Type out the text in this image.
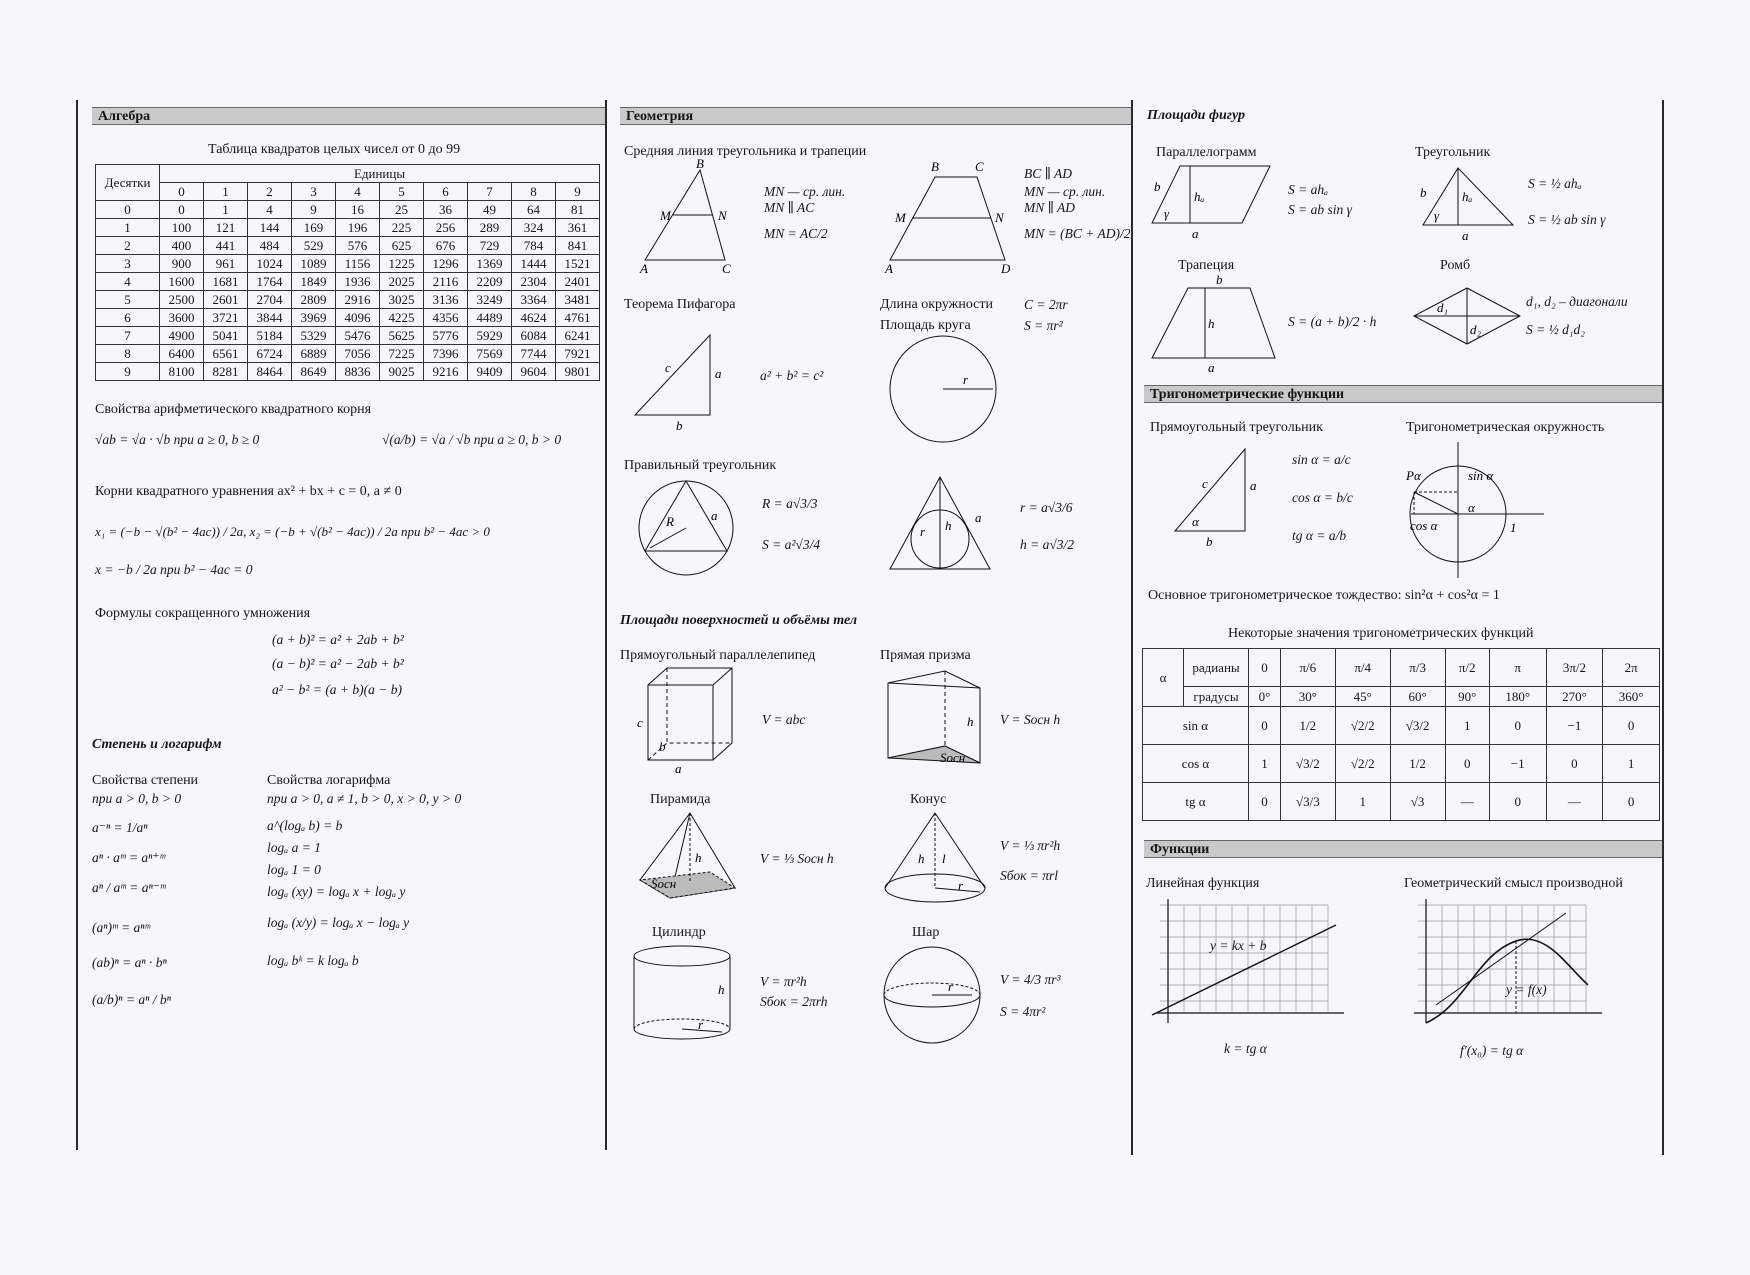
Алгебра
Таблица квадратов целых чисел от 0 до 99
Десятки	Единицы									
	0	1	2	3	4	5	6	7	8	9
0	0	1	4	9	16	25	36	49	64	81
1	100	121	144	169	196	225	256	289	324	361
2	400	441	484	529	576	625	676	729	784	841
3	900	961	1024	1089	1156	1225	1296	1369	1444	1521
4	1600	1681	1764	1849	1936	2025	2116	2209	2304	2401
5	2500	2601	2704	2809	2916	3025	3136	3249	3364	3481
6	3600	3721	3844	3969	4096	4225	4356	4489	4624	4761
7	4900	5041	5184	5329	5476	5625	5776	5929	6084	6241
8	6400	6561	6724	6889	7056	7225	7396	7569	7744	7921
9	8100	8281	8464	8649	8836	9025	9216	9409	9604	9801
Свойства арифметического квадратного корня
√ab = √a · √b при a ≥ 0, b ≥ 0	√(a/b) = √a / √b при a ≥ 0, b > 0
Корни квадратного уравнения ax² + bx + c = 0, a ≠ 0
x₁ = (−b − √(b² − 4ac)) / 2a, x₂ = (−b + √(b² − 4ac)) / 2a при b² − 4ac > 0
x = −b / 2a при b² − 4ac = 0
Формулы сокращенного умножения
(a + b)² = a² + 2ab + b²
(a − b)² = a² − 2ab + b²
a² − b² = (a + b)(a − b)
Степень и логарифм
Свойства степени
при a > 0, b > 0
a⁻ⁿ = 1/aⁿ
aⁿ · aᵐ = aⁿ⁺ᵐ
aⁿ / aᵐ = aⁿ⁻ᵐ
(aⁿ)ᵐ = aⁿᵐ
(ab)ⁿ = aⁿ · bⁿ
(a/b)ⁿ = aⁿ / bⁿ
Свойства логарифма
при a > 0, a ≠ 1, b > 0, x > 0, y > 0
a^(logₐ b) = b
logₐ a = 1
logₐ 1 = 0
logₐ (xy) = logₐ x + logₐ y
logₐ (x/y) = logₐ x − logₐ y
logₐ bᵏ = k logₐ b
Геометрия
Средняя линия треугольника и трапеции
B
A	C
M	N
MN — ср. лин.
MN ∥ AC
MN = AC/2
B	C
A	D
M	N
BC ∥ AD
MN — ср. лин.
MN ∥ AD
MN = (BC + AD)/2
Теорема Пифагора
c	a
b
a² + b² = c²
Длина окружности
Площадь круга
C = 2πr
S = πr²
r
Правильный треугольник
R	a
R = a√3/3
S = a²√3/4
h
r
a
r = a√3/6
h = a√3/2
Площади поверхностей и объёмы тел
Прямоугольный параллелепипед
c
b
a
V = abc
Прямая призма
h
Sосн
V = Sосн h
Пирамида
h
Sосн
V = ⅓ Sосн h
Конус
h l
r
V = ⅓ πr²h
Sбок = πrl
Цилиндр
h
r
V = πr²h
Sбок = 2πrh
Шар
r	V = 4/3 πr³
S = 4πr²
Площади фигур
Параллелограмм
b
hₐ
γ
a
S = ahₐ
S = ab sin γ
Треугольник
b	hₐ
γ
a
S = ½ ahₐ
S = ½ ab sin γ
Трапеция
b
h
a
S = (a + b)/2 · h
Ромб
d₁
d₂
d₁, d₂ – диагонали
S = ½ d₁d₂
Тригонометрические функции
Прямоугольный треугольник
c	a
b
α
sin α = a/c
cos α = b/c
tg α = a/b
Тригонометрическая окружность
Pα	sin α
cos α
α
1
Основное тригонометрическое тождество: sin²α + cos²α = 1
Некоторые значения тригонометрических функций
α	радианы	0	π/6	π/4	π/3	π/2	π	3π/2	2π
	градусы	0°	30°	45°	60°	90°	180°	270°	360°
sin α		0	1/2	√2/2	√3/2	1	0	−1	0
cos α		1	√3/2	√2/2	1/2	0	−1	0	1
tg α		0	√3/3	1	√3	—	0	—	0
Функции
Линейная функция
y = kx + b
k = tg α
Геометрический смысл производной
y = f(x)
f′(x₀) = tg α
